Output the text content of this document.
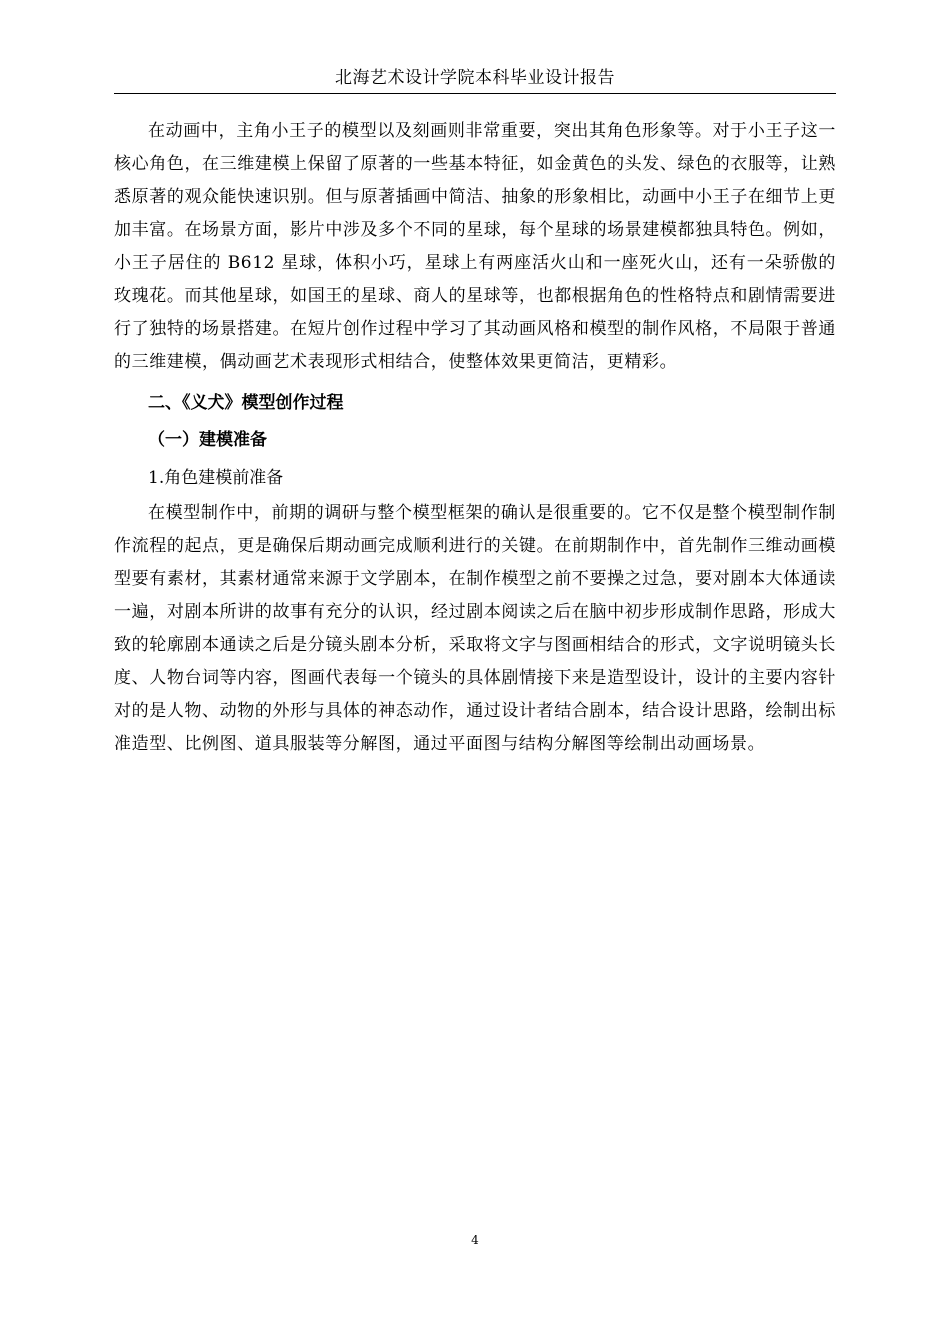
北海艺术设计学院本科毕业设计报告

在动画中，主角小王子的模型以及刻画则非常重要，突出其角色形象等。对于小王子这一核心角色，在三维建模上保留了原著的一些基本特征，如金黄色的头发、绿色的衣服等，让熟悉原著的观众能快速识别。但与原著插画中简洁、抽象的形象相比，动画中小王子在细节上更加丰富。在场景方面，影片中涉及多个不同的星球，每个星球的场景建模都独具特色。例如，小王子居住的 B612 星球，体积小巧，星球上有两座活火山和一座死火山，还有一朵骄傲的玫瑰花。而其他星球，如国王的星球、商人的星球等，也都根据角色的性格特点和剧情需要进行了独特的场景搭建。在短片创作过程中学习了其动画风格和模型的制作风格，不局限于普通的三维建模，偶动画艺术表现形式相结合，使整体效果更简洁，更精彩。

二、《义犬》模型创作过程

（一）建模准备

1.角色建模前准备

在模型制作中，前期的调研与整个模型框架的确认是很重要的。它不仅是整个模型制作制作流程的起点，更是确保后期动画完成顺利进行的关键。在前期制作中，首先制作三维动画模型要有素材，其素材通常来源于文学剧本，在制作模型之前不要操之过急，要对剧本大体通读一遍，对剧本所讲的故事有充分的认识，经过剧本阅读之后在脑中初步形成制作思路，形成大致的轮廓剧本通读之后是分镜头剧本分析，采取将文字与图画相结合的形式，文字说明镜头长度、人物台词等内容，图画代表每一个镜头的具体剧情接下来是造型设计，设计的主要内容针对的是人物、动物的外形与具体的神态动作，通过设计者结合剧本，结合设计思路，绘制出标准造型、比例图、道具服装等分解图，通过平面图与结构分解图等绘制出动画场景。

4
